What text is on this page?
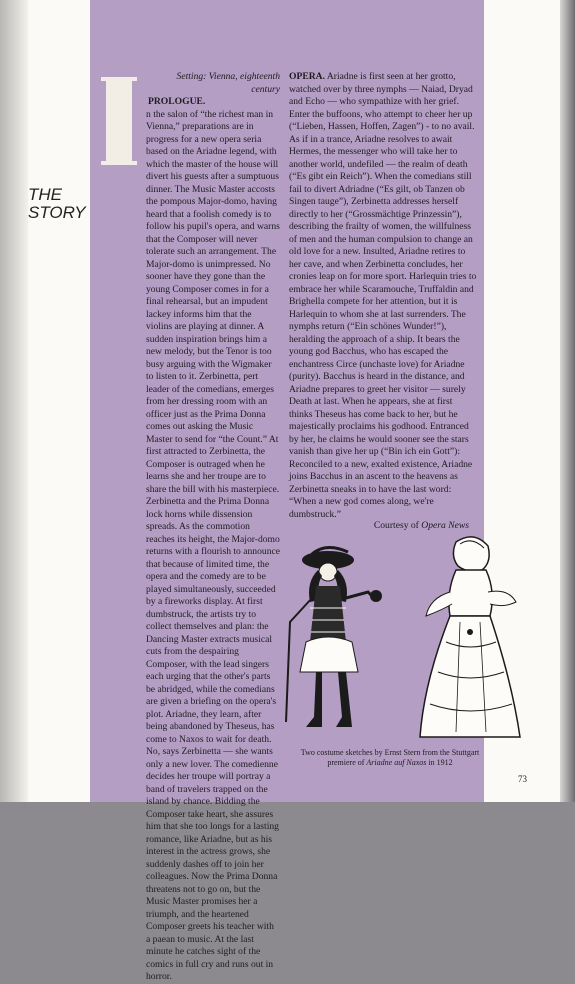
THE
STORY

Setting: Vienna, eighteenth century

PROLOGUE.

n the salon of “the richest man in Vienna,” preparations are in progress for a new opera seria based on the Ariadne legend, with which the master of the house will divert his guests after a sumptuous dinner. The Music Master accosts the pompous Major-domo, having heard that a foolish comedy is to follow his pupil's opera, and warns that the Composer will never tolerate such an arrangement. The Major-domo is unimpressed. No sooner have they gone than the young Composer comes in for a final rehearsal, but an impudent lackey informs him that the violins are playing at dinner. A sudden inspiration brings him a new melody, but the Tenor is too busy arguing with the Wigmaker to listen to it. Zerbinetta, pert leader of the comedians, emerges from her dressing room with an officer just as the Prima Donna comes out asking the Music Master to send for “the Count.” At first attracted to Zerbinetta, the Composer is outraged when he learns she and her troupe are to share the bill with his masterpiece. Zerbinetta and the Prima Donna lock horns while dissension spreads. As the commotion reaches its height, the Major-domo returns with a flourish to announce that because of limited time, the opera and the comedy are to be played simultaneously, succeeded by a fireworks display. At first dumbstruck, the artists try to collect themselves and plan: the Dancing Master extracts musical cuts from the despairing Composer, with the lead singers each urging that the other's parts be abridged, while the comedians are given a briefing on the opera's plot. Ariadne, they learn, after being abandoned by Theseus, has come to Naxos to wait for death. No, says Zerbinetta — she wants only a new lover. The comedienne decides her troupe will portray a band of travelers trapped on the island by chance. Bidding the Composer take heart, she assures him that she too longs for a lasting romance, like Ariadne, but as his interest in the actress grows, she suddenly dashes off to join her colleagues. Now the Prima Donna threatens not to go on, but the Music Master promises her a triumph, and the heartened Composer greets his teacher with a paean to music. At the last minute he catches sight of the comics in full cry and runs out in horror.

OPERA. Ariadne is first seen at her grotto, watched over by three nymphs — Naiad, Dryad and Echo — who sympathize with her grief. Enter the buffoons, who attempt to cheer her up (“Lieben, Hassen, Hoffen, Zagen”) - to no avail. As if in a trance, Ariadne resolves to await Hermes, the messenger who will take her to another world, undefiled — the realm of death (“Es gibt ein Reich”). When the comedians still fail to divert Adriadne (“Es gilt, ob Tanzen ob Singen tauge”), Zerbinetta addresses herself directly to her (“Grossmächtige Prinzessin”), describing the frailty of women, the willfulness of men and the human compulsion to change an old love for a new. Insulted, Ariadne retires to her cave, and when Zerbinetta concludes, her cronies leap on for more sport. Harlequin tries to embrace her while Scaramouche, Truffaldin and Brighella compete for her attention, but it is Harlequin to whom she at last surrenders. The nymphs return (“Ein schönes Wunder!”), heralding the approach of a ship. It bears the young god Bacchus, who has escaped the enchantress Circe (unchaste love) for Ariadne (purity). Bacchus is heard in the distance, and Ariadne prepares to greet her visitor — surely Death at last. When he appears, she at first thinks Theseus has come back to her, but he majestically proclaims his godhood. Entranced by her, he claims he would sooner see the stars vanish than give her up (“Bin ich ein Gott”): Reconciled to a new, exalted existence, Ariadne joins Bacchus in an ascent to the heavens as Zerbinetta sneaks in to have the last word: “When a new god comes along, we're dumbstruck.”

Courtesy of Opera News
Two costume sketches by Ernst Stern from the Stuttgart premiere of Ariadne auf Naxos in 1912
73
